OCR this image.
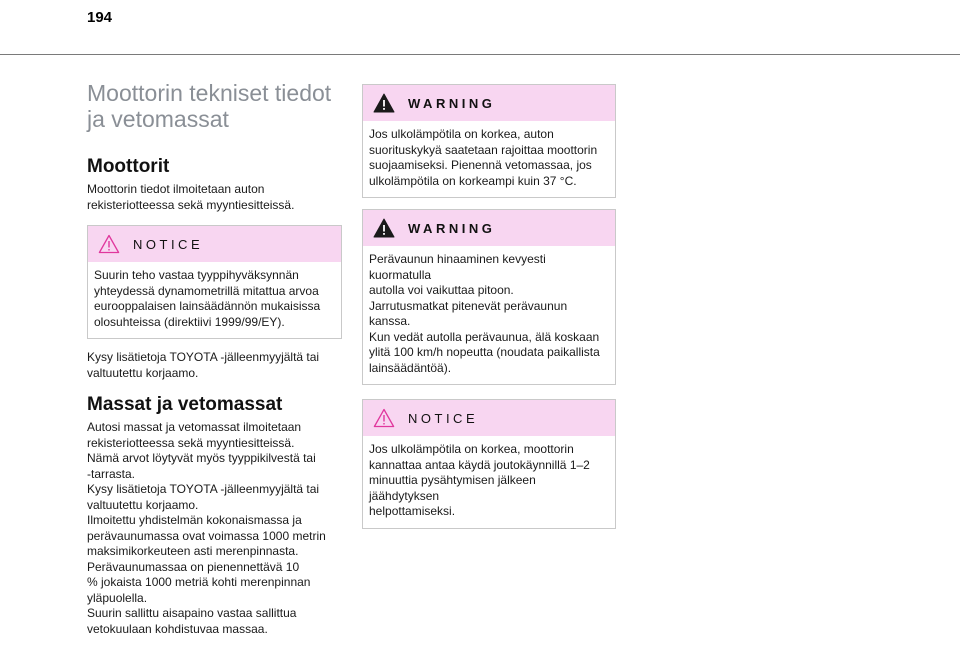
194
Moottorin tekniset tiedot
ja vetomassat
Moottorit

Moottorin tiedot ilmoitetaan auton
rekisteriotteessa sekä myyntiesitteissä.

NOTICE

Suurin teho vastaa tyyppihyväksynnän
yhteydessä dynamometrillä mitattua arvoa
eurooppalaisen lainsäädännön mukaisissa
olosuhteissa (direktiivi 1999/99/EY).

Kysy lisätietoja TOYOTA -jälleenmyyjältä tai
valtuutettu korjaamo.

Massat ja vetomassat

Autosi massat ja vetomassat ilmoitetaan
rekisteriotteessa sekä myyntiesitteissä.
Nämä arvot löytyvät myös tyyppikilvestä tai
-tarrasta.
Kysy lisätietoja TOYOTA -jälleenmyyjältä tai
valtuutettu korjaamo.
Ilmoitettu yhdistelmän kokonaismassa ja
perävaunumassa ovat voimassa 1000 metrin
maksimikorkeuteen asti merenpinnasta.
Perävaunumassaa on pienennettävä 10
% jokaista 1000 metriä kohti merenpinnan
yläpuolella.
Suurin sallittu aisapaino vastaa sallittua
vetokuulaan kohdistuvaa massaa.

WARNING

Jos ulkolämpötila on korkea, auton
suorituskykyä saatetaan rajoittaa moottorin
suojaamiseksi. Pienennä vetomassaa, jos
ulkolämpötila on korkeampi kuin 37 °C.

WARNING

Perävaunun hinaaminen kevyesti kuormatulla
autolla voi vaikuttaa pitoon.
Jarrutusmatkat pitenevät perävaunun kanssa.
Kun vedät autolla perävaunua, älä koskaan
ylitä 100 km/h nopeutta (noudata paikallista
lainsäädäntöä).

NOTICE

Jos ulkolämpötila on korkea, moottorin
kannattaa antaa käydä joutokäynnillä 1–2
minuuttia pysähtymisen jälkeen jäähdytyksen
helpottamiseksi.
